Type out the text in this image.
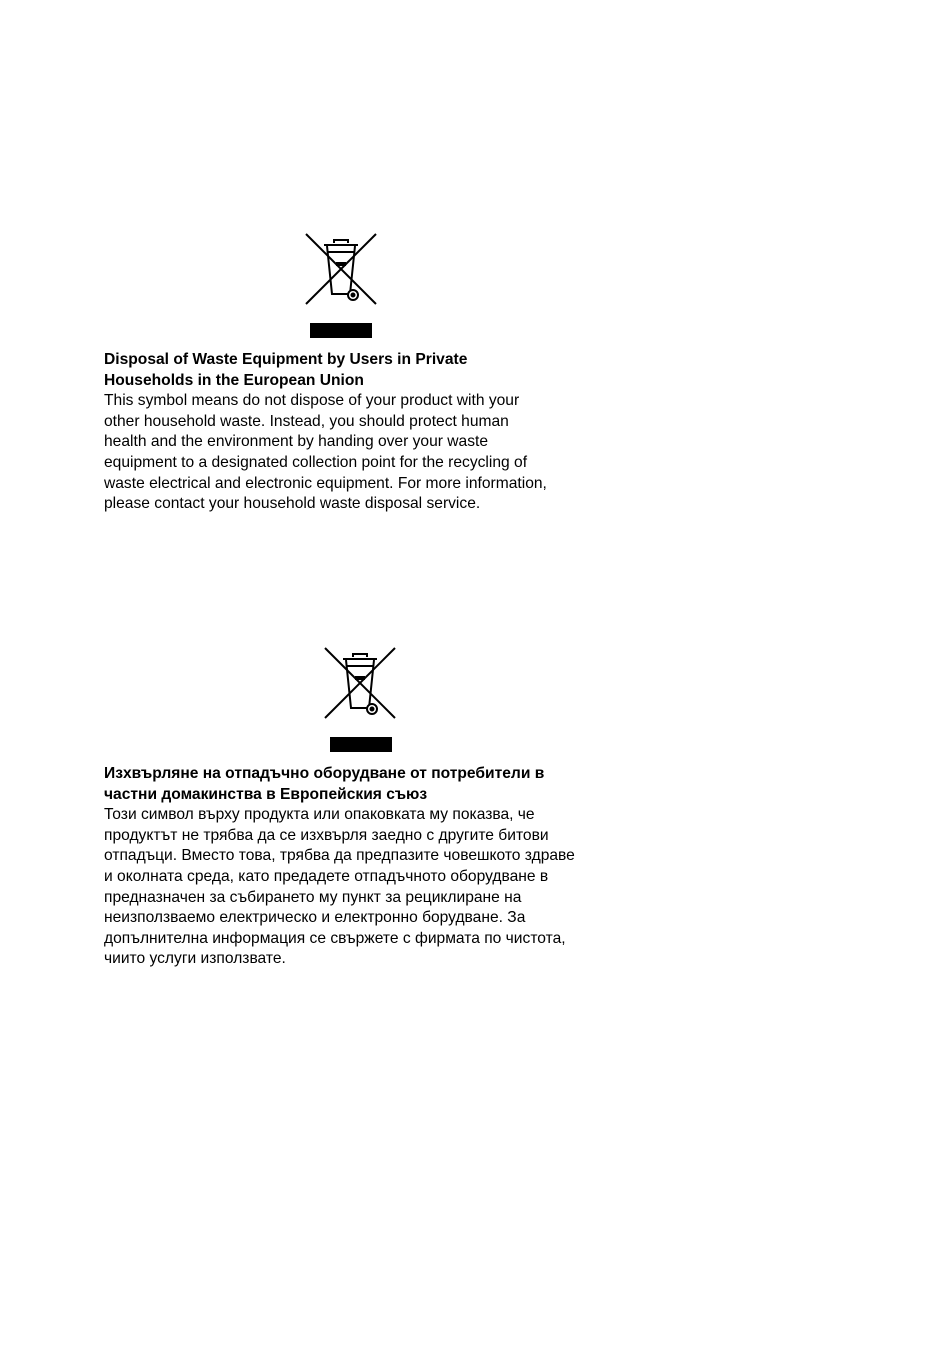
Disposal of Waste Equipment by Users in Private
Households in the European Union

This symbol means do not dispose of your product with your
other household waste. Instead, you should protect human
health and the environment by handing over your waste
equipment to a designated collection point for the recycling of
waste electrical and electronic equipment. For more information,
please contact your household waste disposal service.

Изхвърляне на отпадъчно оборудване от потребители в
частни домакинства в Европейския съюз

Този символ върху продукта или опаковката му показва, че
продуктът не трябва да се изхвърля заедно с другите битови
отпадъци. Вместо това, трябва да предпазите човешкото здраве
и околната среда, като предадете отпадъчното оборудване в
предназначен за събирането му пункт за рециклиране на
неизползваемо електрическо и електронно борудване. За
допълнителна информация се свържете с фирмата по чистота,
чиито услуги използвате.
